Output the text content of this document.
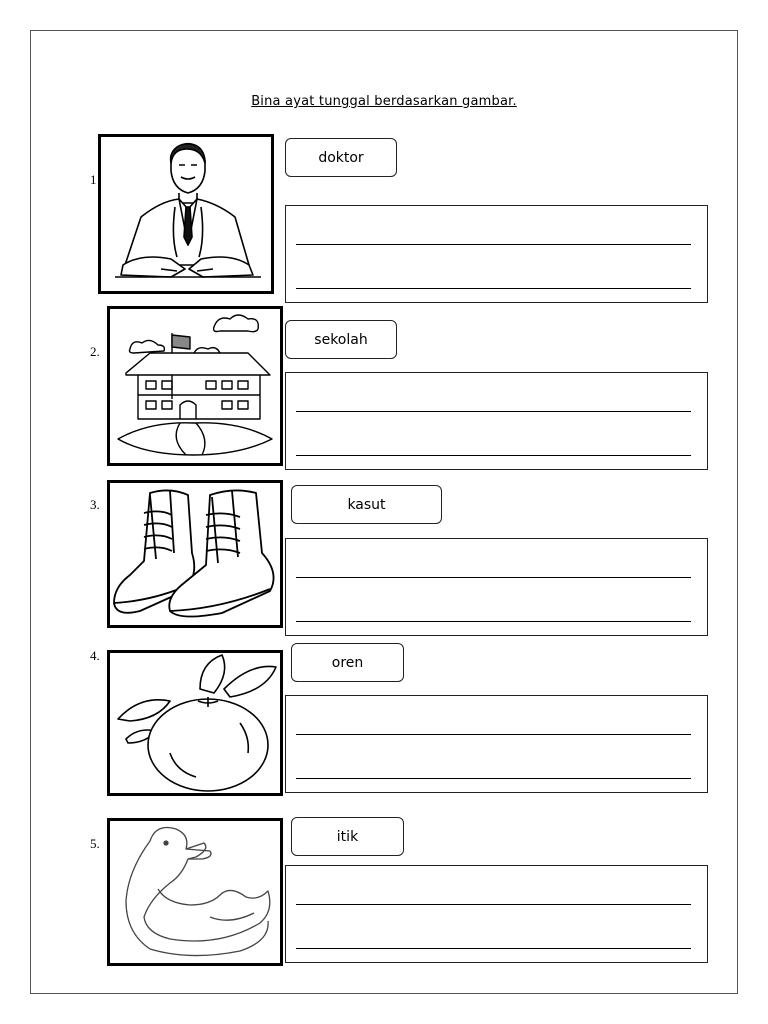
Bina ayat tunggal berdasarkan gambar.
1
doktor
2.
sekolah
3.	kasut
4.	oren
5.	itik
